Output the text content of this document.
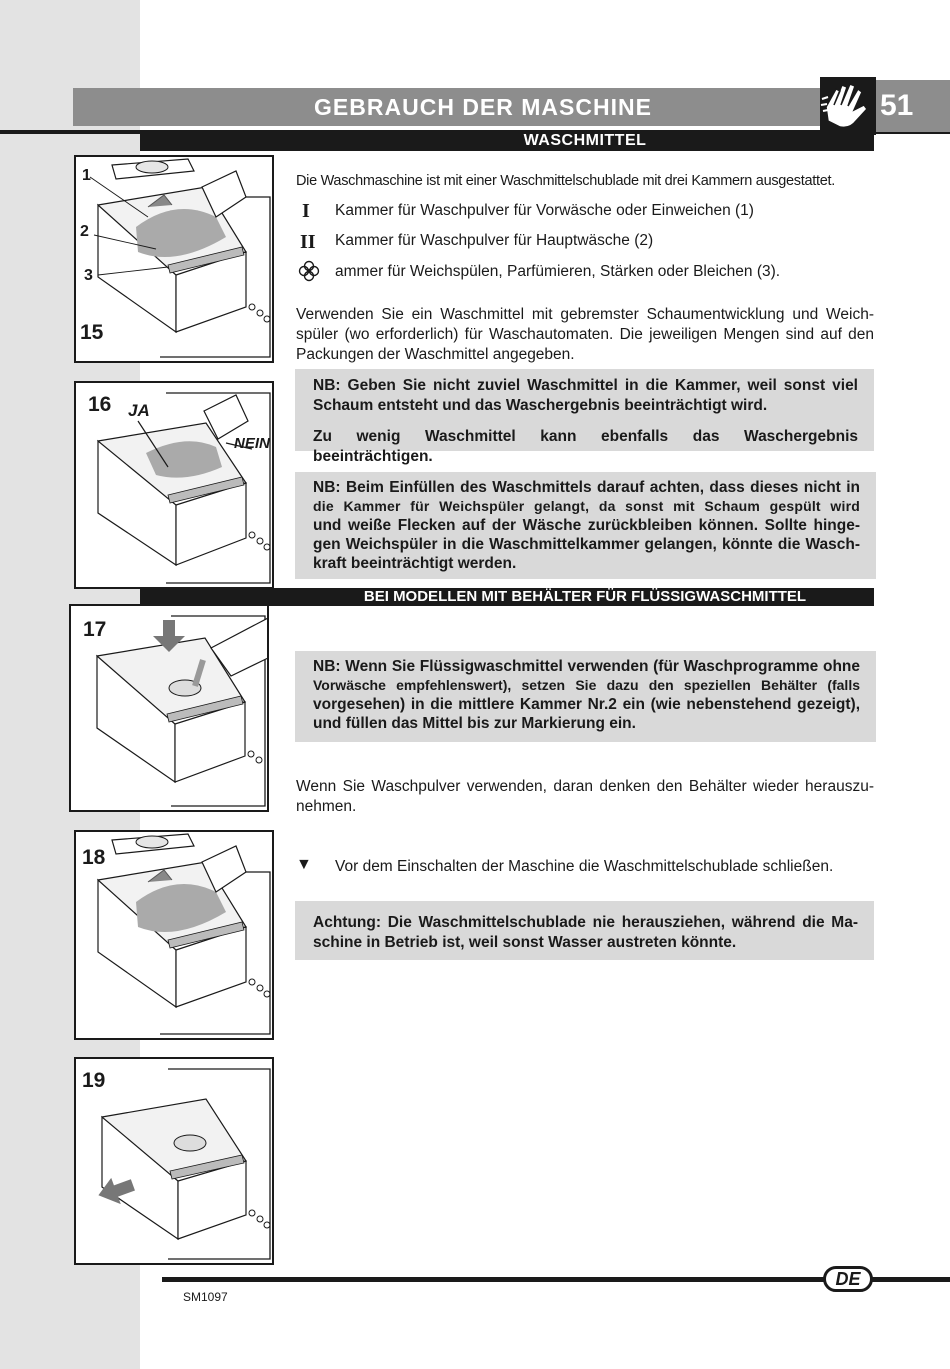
GEBRAUCH DER MASCHINE	51
WASCHMITTEL
1
2
3
15
16 JA
NEIN
BEI MODELLEN MIT BEHÄLTER FÜR FLÜSSIGWASCHMITTEL
17
18
19
Die Waschmaschine ist mit einer Waschmittelschublade mit drei Kammern ausgestattet.
I Kammer für Waschpulver für Vorwäsche oder Einweichen (1)
II Kammer für Waschpulver für Hauptwäsche (2)
ammer für Weichspülen, Parfümieren, Stärken oder Bleichen (3).
Verwenden Sie ein Waschmittel mit gebremster Schaumentwicklung und Weich-
spüler (wo erforderlich) für Waschautomaten. Die jeweiligen Mengen sind auf den
Packungen der Waschmittel angegeben.
NB: Geben Sie nicht zuviel Waschmittel in die Kammer, weil sonst viel
Schaum entsteht und das Waschergebnis beeinträchtigt wird.
Zu wenig Waschmittel kann ebenfalls das Waschergebnis beeinträchtigen.
NB: Beim Einfüllen des Waschmittels darauf achten, dass dieses nicht in
die Kammer für Weichspüler gelangt, da sonst mit Schaum gespült wird
und weiße Flecken auf der Wäsche zurückbleiben können. Sollte hinge-
gen Weichspüler in die Waschmittelkammer gelangen, könnte die Wasch-
kraft beeinträchtigt werden.
NB: Wenn Sie Flüssigwaschmittel verwenden (für Waschprogramme ohne
Vorwäsche empfehlenswert), setzen Sie dazu den speziellen Behälter (falls
vorgesehen) in die mittlere Kammer Nr.2 ein (wie nebenstehend gezeigt),
und füllen das Mittel bis zur Markierung ein.
Wenn Sie Waschpulver verwenden, daran denken den Behälter wieder herauszu-
nehmen.
▼ Vor dem Einschalten der Maschine die Waschmittelschublade schließen.
Achtung: Die Waschmittelschublade nie herausziehen, während die Ma-
schine in Betrieb ist, weil sonst Wasser austreten könnte.
DE
SM1097
